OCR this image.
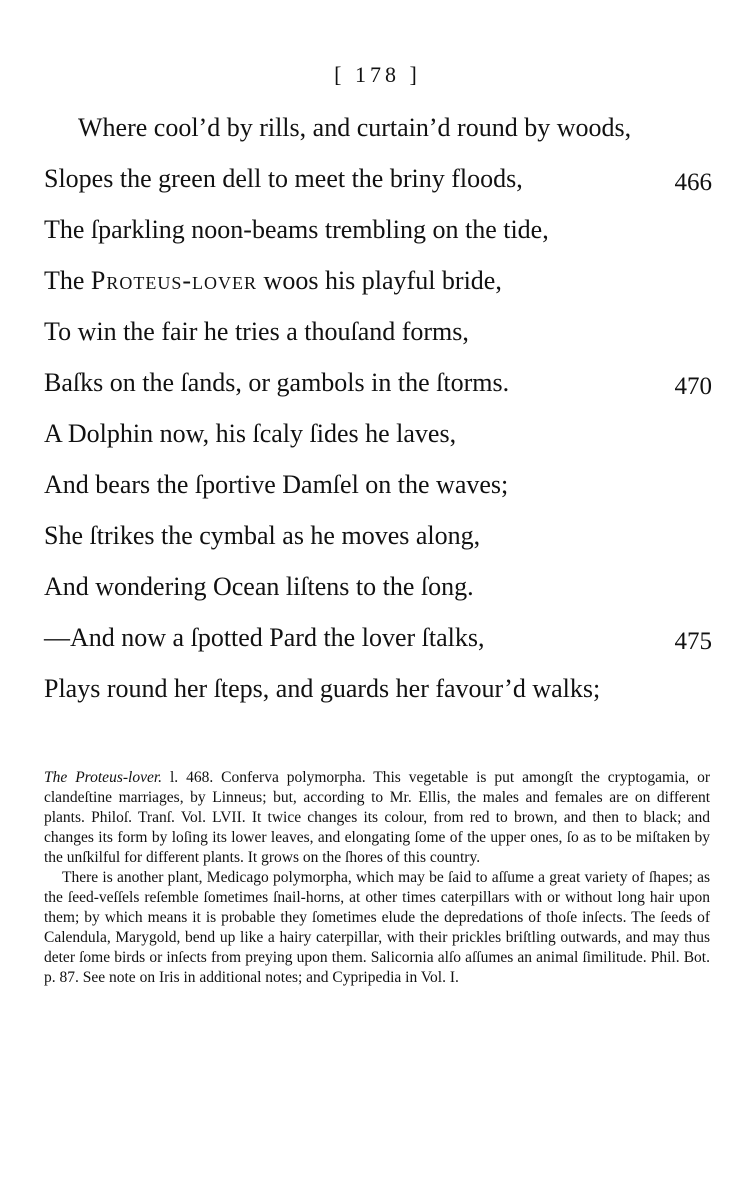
[ 178 ]
Where cool’d by rills, and curtain’d round by woods,
Slopes the green dell to meet the briny floods,	466
The ſparkling noon-beams trembling on the tide,
The Proteus-lover woos his playful bride,
To win the fair he tries a thouſand forms,
Baſks on the ſands, or gambols in the ſtorms.	470
A Dolphin now, his ſcaly ſides he laves,
And bears the ſportive Damſel on the waves;
She ſtrikes the cymbal as he moves along,
And wondering Ocean liſtens to the ſong.
—And now a ſpotted Pard the lover ſtalks,	475
Plays round her ſteps, and guards her favour’d walks;

The Proteus-lover. l. 468. Conferva polymorpha. This vegetable is put amongſt the cryptogamia, or clandeſtine marriages, by Linneus; but, according to Mr. Ellis, the males and females are on different plants. Philoſ. Tranſ. Vol. LVII. It twice changes its colour, from red to brown, and then to black; and changes its form by loſing its lower leaves, and elongating ſome of the upper ones, ſo as to be miſtaken by the unſkilful for different plants. It grows on the ſhores of this country.

There is another plant, Medicago polymorpha, which may be ſaid to aſſume a great variety of ſhapes; as the ſeed-veſſels reſemble ſometimes ſnail-horns, at other times caterpillars with or without long hair upon them; by which means it is probable they ſometimes elude the depredations of thoſe inſects. The ſeeds of Calendula, Marygold, bend up like a hairy caterpillar, with their prickles briſtling outwards, and may thus deter ſome birds or inſects from preying upon them. Salicornia alſo aſſumes an animal ſimilitude. Phil. Bot. p. 87. See note on Iris in additional notes; and Cypripedia in Vol. I.
